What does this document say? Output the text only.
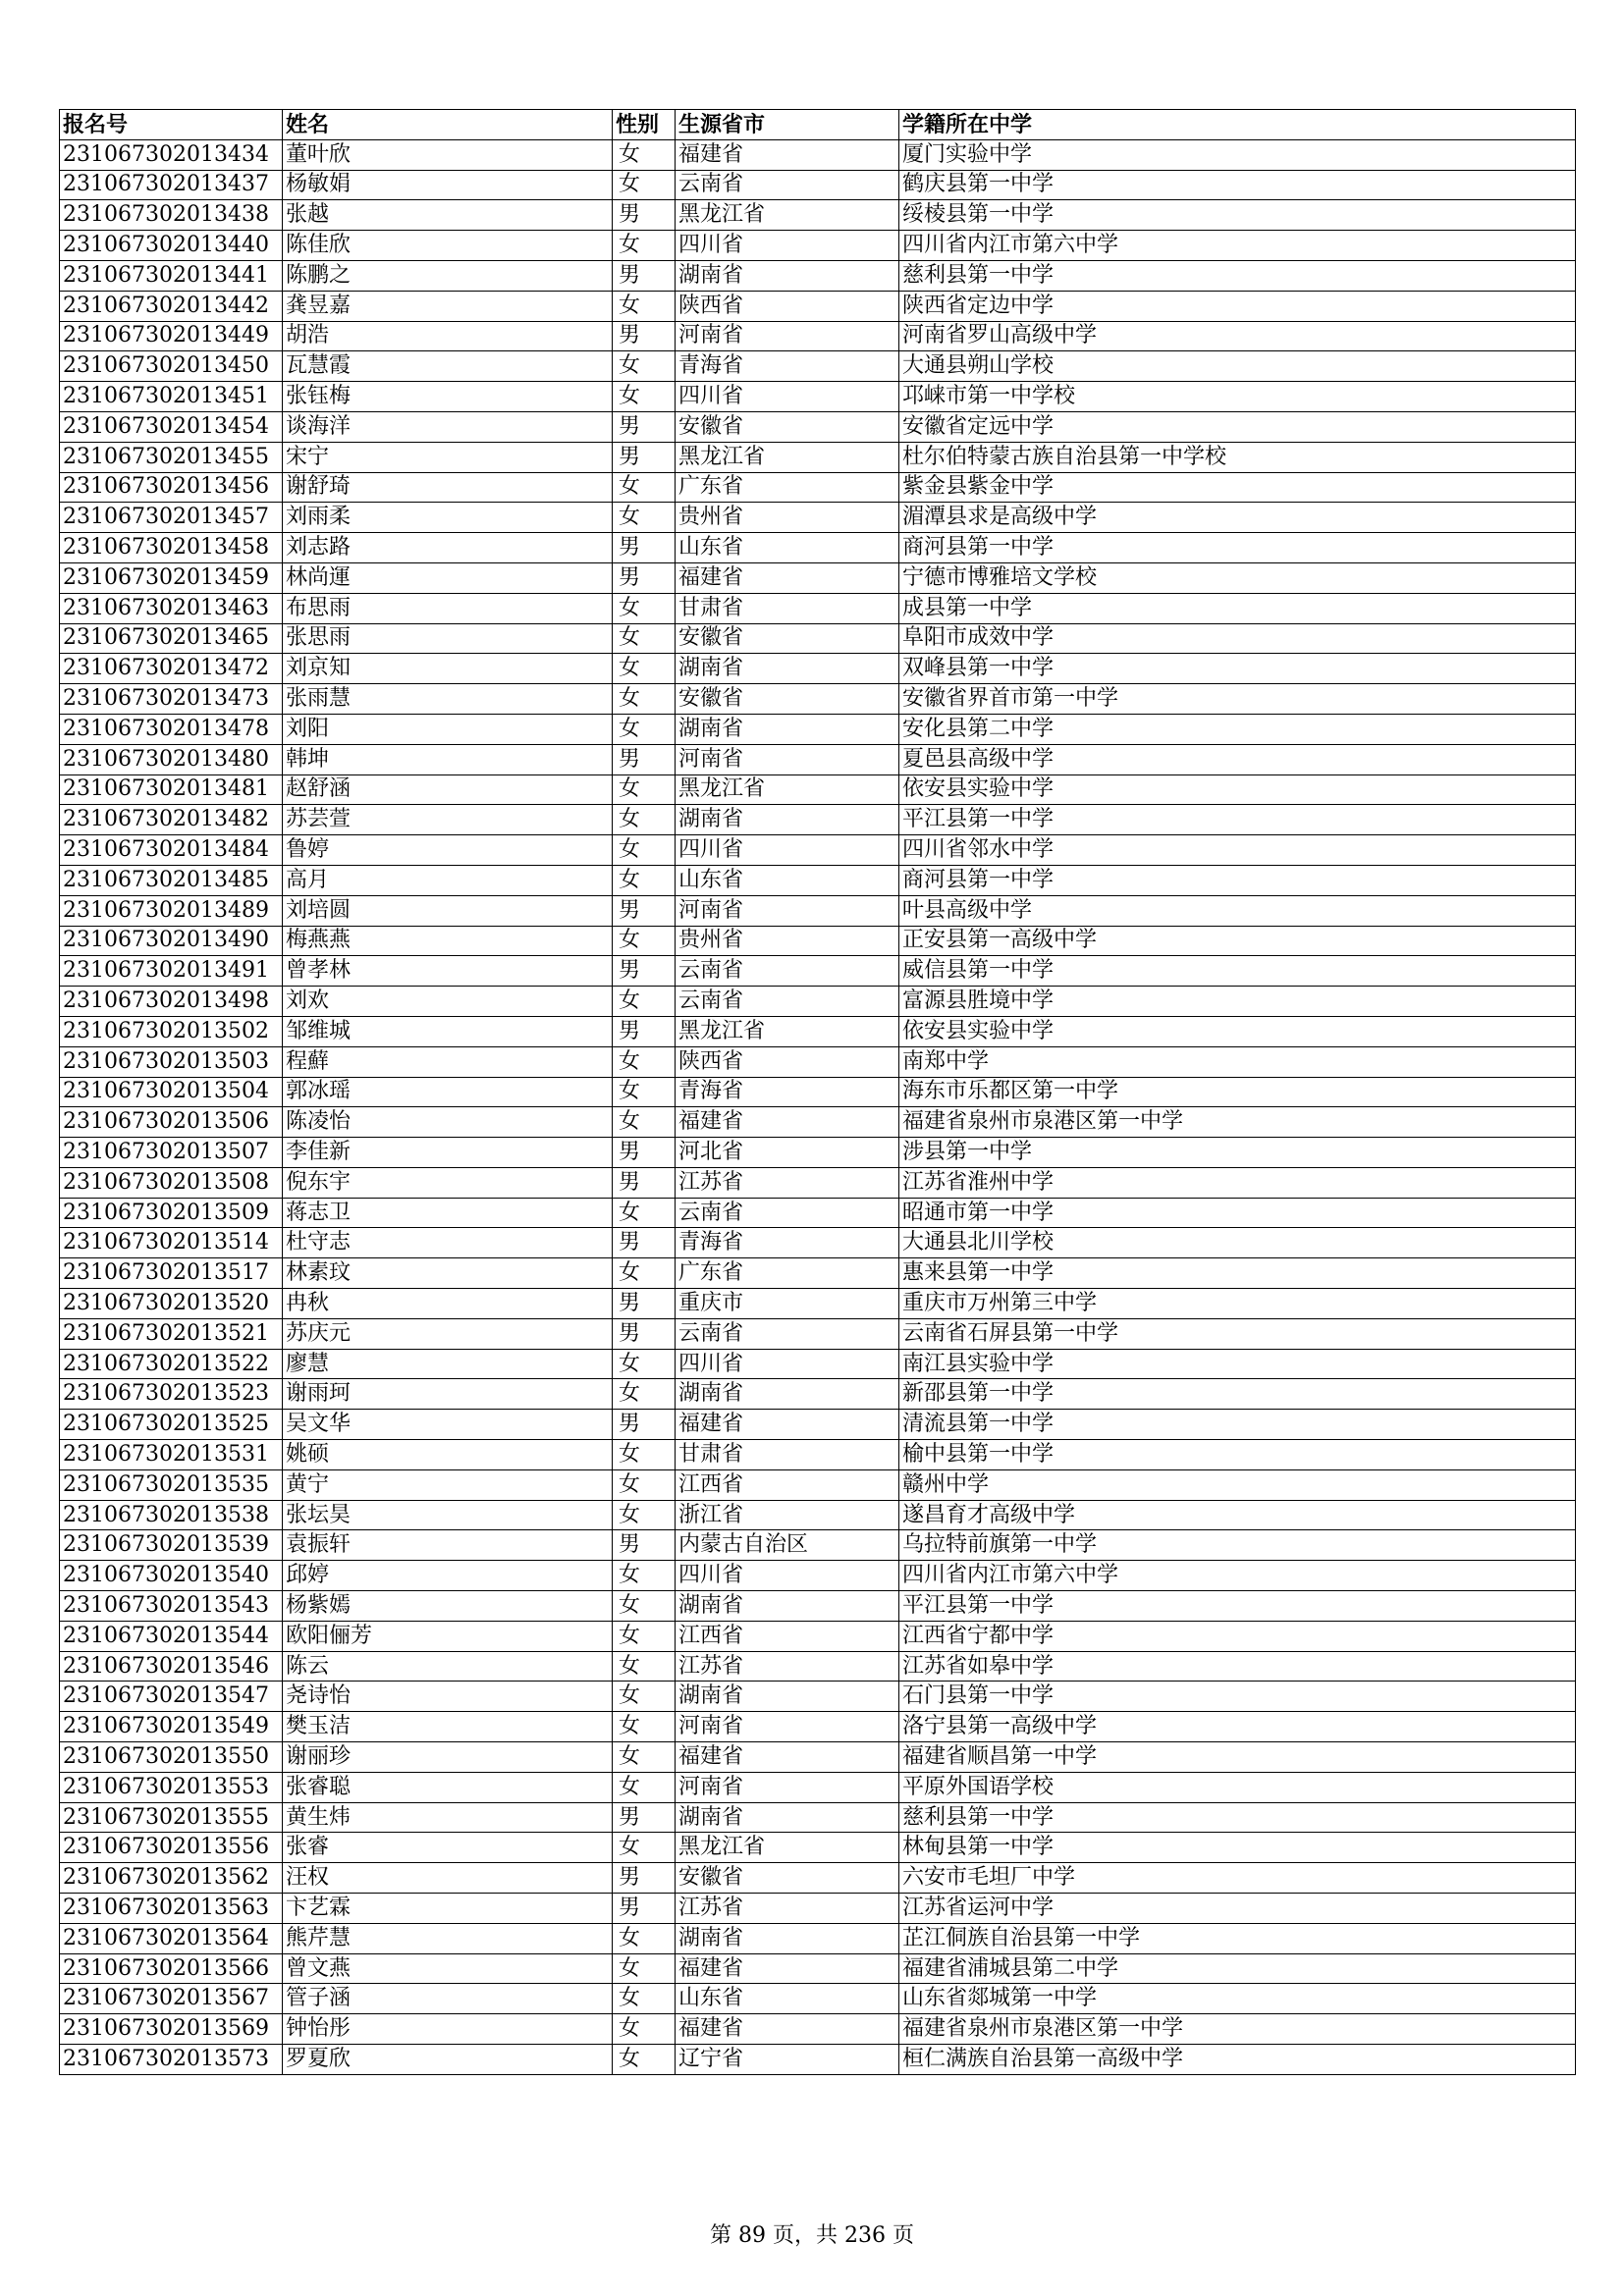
报名号	姓名	性别	生源省市	学籍所在中学
231067302013434	董叶欣	女	福建省	厦门实验中学
231067302013437	杨敏娟	女	云南省	鹤庆县第一中学
231067302013438	张越	男	黑龙江省	绥棱县第一中学
231067302013440	陈佳欣	女	四川省	四川省内江市第六中学
231067302013441	陈鹏之	男	湖南省	慈利县第一中学
231067302013442	龚昱嘉	女	陕西省	陕西省定边中学
231067302013449	胡浩	男	河南省	河南省罗山高级中学
231067302013450	瓦慧霞	女	青海省	大通县朔山学校
231067302013451	张钰梅	女	四川省	邛崃市第一中学校
231067302013454	谈海洋	男	安徽省	安徽省定远中学
231067302013455	宋宁	男	黑龙江省	杜尔伯特蒙古族自治县第一中学校
231067302013456	谢舒琦	女	广东省	紫金县紫金中学
231067302013457	刘雨柔	女	贵州省	湄潭县求是高级中学
231067302013458	刘志路	男	山东省	商河县第一中学
231067302013459	林尚運	男	福建省	宁德市博雅培文学校
231067302013463	布思雨	女	甘肃省	成县第一中学
231067302013465	张思雨	女	安徽省	阜阳市成效中学
231067302013472	刘京知	女	湖南省	双峰县第一中学
231067302013473	张雨慧	女	安徽省	安徽省界首市第一中学
231067302013478	刘阳	女	湖南省	安化县第二中学
231067302013480	韩坤	男	河南省	夏邑县高级中学
231067302013481	赵舒涵	女	黑龙江省	依安县实验中学
231067302013482	苏芸萱	女	湖南省	平江县第一中学
231067302013484	鲁婷	女	四川省	四川省邻水中学
231067302013485	高月	女	山东省	商河县第一中学
231067302013489	刘培圆	男	河南省	叶县高级中学
231067302013490	梅燕燕	女	贵州省	正安县第一高级中学
231067302013491	曾孝林	男	云南省	威信县第一中学
231067302013498	刘欢	女	云南省	富源县胜境中学
231067302013502	邹维城	男	黑龙江省	依安县实验中学
231067302013503	程蘚	女	陕西省	南郑中学
231067302013504	郭冰瑶	女	青海省	海东市乐都区第一中学
231067302013506	陈凌怡	女	福建省	福建省泉州市泉港区第一中学
231067302013507	李佳新	男	河北省	涉县第一中学
231067302013508	倪东宇	男	江苏省	江苏省淮州中学
231067302013509	蒋志卫	女	云南省	昭通市第一中学
231067302013514	杜守志	男	青海省	大通县北川学校
231067302013517	林素玟	女	广东省	惠来县第一中学
231067302013520	冉秋	男	重庆市	重庆市万州第三中学
231067302013521	苏庆元	男	云南省	云南省石屏县第一中学
231067302013522	廖慧	女	四川省	南江县实验中学
231067302013523	谢雨珂	女	湖南省	新邵县第一中学
231067302013525	吴文华	男	福建省	清流县第一中学
231067302013531	姚硕	女	甘肃省	榆中县第一中学
231067302013535	黄宁	女	江西省	赣州中学
231067302013538	张坛昊	女	浙江省	遂昌育才高级中学
231067302013539	袁振轩	男	内蒙古自治区	乌拉特前旗第一中学
231067302013540	邱婷	女	四川省	四川省内江市第六中学
231067302013543	杨紫嫣	女	湖南省	平江县第一中学
231067302013544	欧阳俪芳	女	江西省	江西省宁都中学
231067302013546	陈云	女	江苏省	江苏省如皋中学
231067302013547	尧诗怡	女	湖南省	石门县第一中学
231067302013549	樊玉洁	女	河南省	洛宁县第一高级中学
231067302013550	谢丽珍	女	福建省	福建省顺昌第一中学
231067302013553	张睿聪	女	河南省	平原外国语学校
231067302013555	黄生炜	男	湖南省	慈利县第一中学
231067302013556	张睿	女	黑龙江省	林甸县第一中学
231067302013562	汪权	男	安徽省	六安市毛坦厂中学
231067302013563	卞艺霖	男	江苏省	江苏省运河中学
231067302013564	熊芹慧	女	湖南省	芷江侗族自治县第一中学
231067302013566	曾文燕	女	福建省	福建省浦城县第二中学
231067302013567	管子涵	女	山东省	山东省郯城第一中学
231067302013569	钟怡彤	女	福建省	福建省泉州市泉港区第一中学
231067302013573	罗夏欣	女	辽宁省	桓仁满族自治县第一高级中学
第 89 页，共 236 页
